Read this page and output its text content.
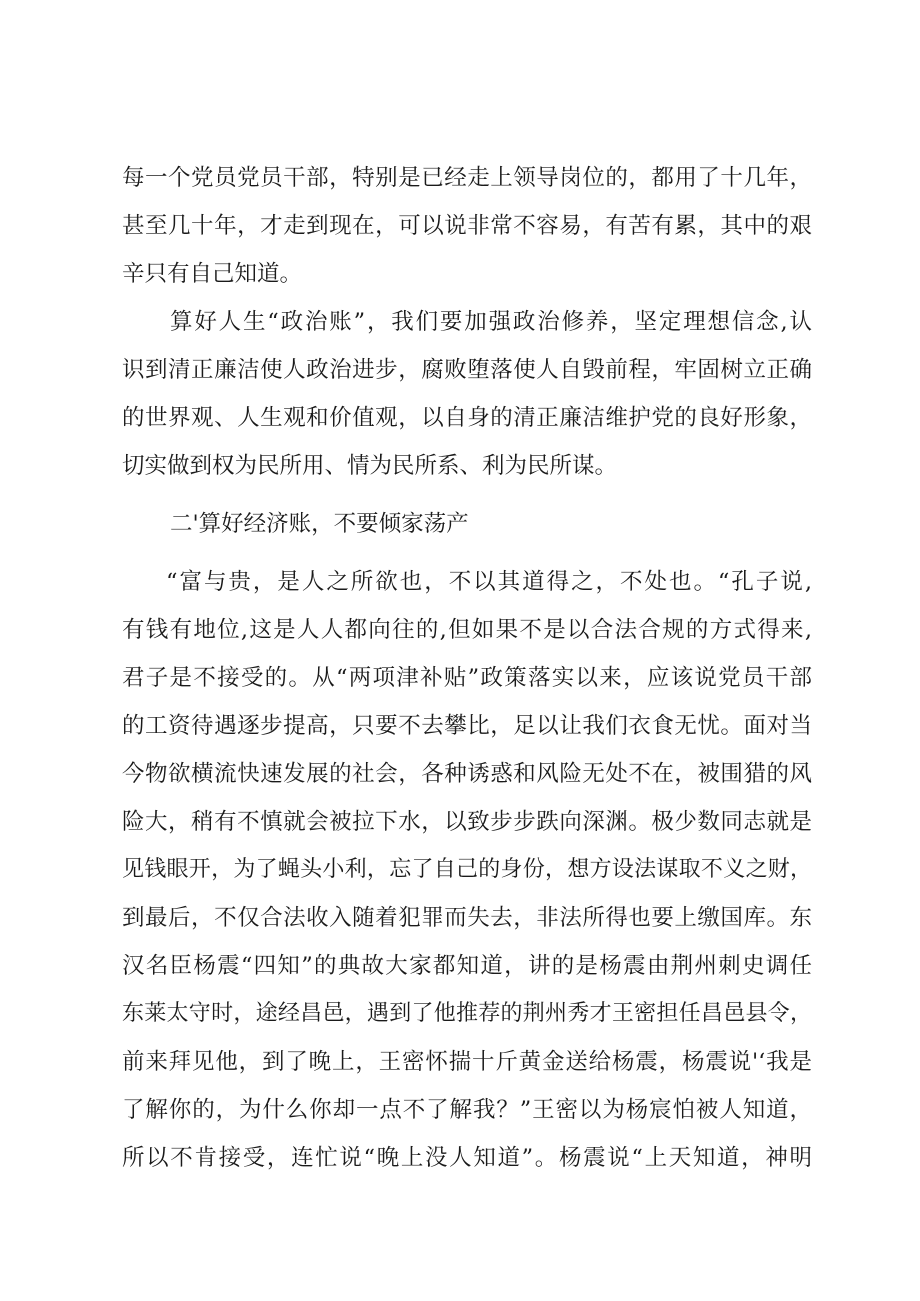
每一个党员党员干部，特别是已经走上领导岗位的，都用了十几年，
甚至几十年，才走到现在，可以说非常不容易，有苦有累，其中的艰
辛只有自己知道。
算好人生“政治账”，我们要加强政治修养，坚定理想信念,认
识到清正廉洁使人政治进步，腐败堕落使人自毁前程，牢固树立正确
的世界观、人生观和价值观，以自身的清正廉洁维护党的良好形象，
切实做到权为民所用、情为民所系、利为民所谋。
二'算好经济账，不要倾家荡产
“富与贵，是人之所欲也，不以其道得之，不处也。“孔子说,
有钱有地位,这是人人都向往的,但如果不是以合法合规的方式得来,
君子是不接受的。从“两项津补贴”政策落实以来，应该说党员干部
的工资待遇逐步提高，只要不去攀比，足以让我们衣食无忧。面对当
今物欲横流快速发展的社会，各种诱惑和风险无处不在，被围猎的风
险大，稍有不慎就会被拉下水，以致步步跌向深渊。极少数同志就是
见钱眼开，为了蝇头小利，忘了自己的身份，想方设法谋取不义之财，
到最后，不仅合法收入随着犯罪而失去，非法所得也要上缴国库。东
汉名臣杨震“四知”的典故大家都知道，讲的是杨震由荆州刺史调任
东莱太守时，途经昌邑，遇到了他推荐的荆州秀才王密担任昌邑县令，
前来拜见他，到了晚上，王密怀揣十斤黄金送给杨震，杨震说'‘我是
了解你的，为什么你却一点不了解我？”王密以为杨宸怕被人知道，
所以不肯接受，连忙说“晚上没人知道”。杨震说“上天知道，神明
